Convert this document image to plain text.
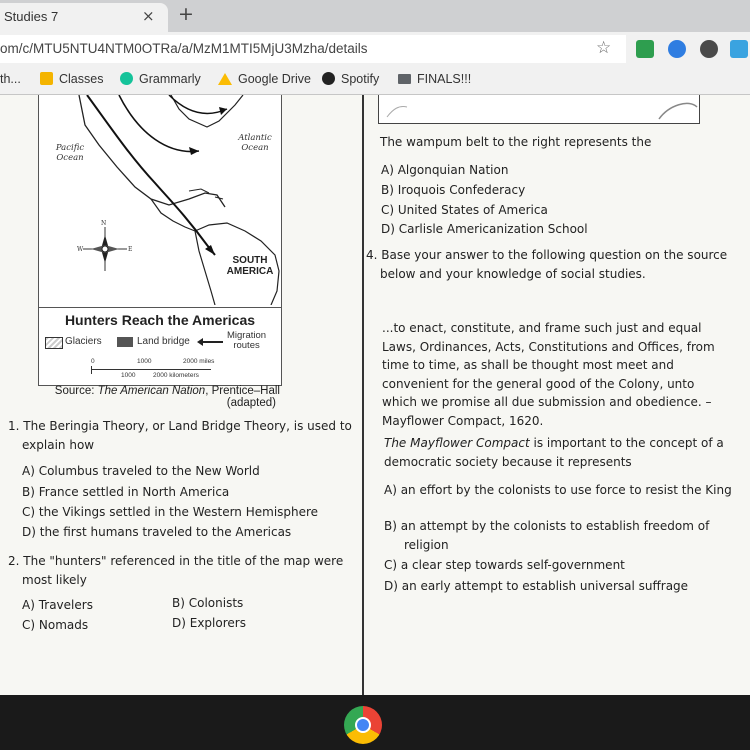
Studies 7	× +
om/c/MTU5NTU4NTM0OTRa/a/MzM1MTI5MjU3Mzha/details	☆
th...	Classes	Grammarly	Google Drive	Spotify	FINALS!!!
Pacific
Ocean
Atlantic
Ocean
SOUTH
AMERICA
N
W	E
Hunters Reach the Americas
Glaciers	Land bridge
Migration
routes
0	1000	2000 miles
1000	2000 kilometers
Source: The American Nation, Prentice–Hall
(adapted)
The wampum belt to the right represents the
A) Algonquian Nation
B) Iroquois Confederacy
C) United States of America
D) Carlisle Americanization School
4. Base your answer to the following question on the source below and your knowledge of social studies.
...to enact, constitute, and frame such just and equal Laws, Ordinances, Acts, Constitutions and Offices, from time to time, as shall be thought most meet and convenient for the general good of the Colony, unto which we promise all due submission and obedience. –
Mayflower Compact, 1620.
The Mayflower Compact is important to the concept of a democratic society because it represents
A) an effort by the colonists to use force to resist the King
B) an attempt by the colonists to establish freedom of religion
C) a clear step towards self-government
D) an early attempt to establish universal suffrage
1. The Beringia Theory, or Land Bridge Theory, is used to explain how
A) Columbus traveled to the New World
B) France settled in North America
C) the Vikings settled in the Western Hemisphere
D) the first humans traveled to the Americas
2. The "hunters" referenced in the title of the map were most likely
A) Travelers	B) Colonists
C) Nomads	D) Explorers
